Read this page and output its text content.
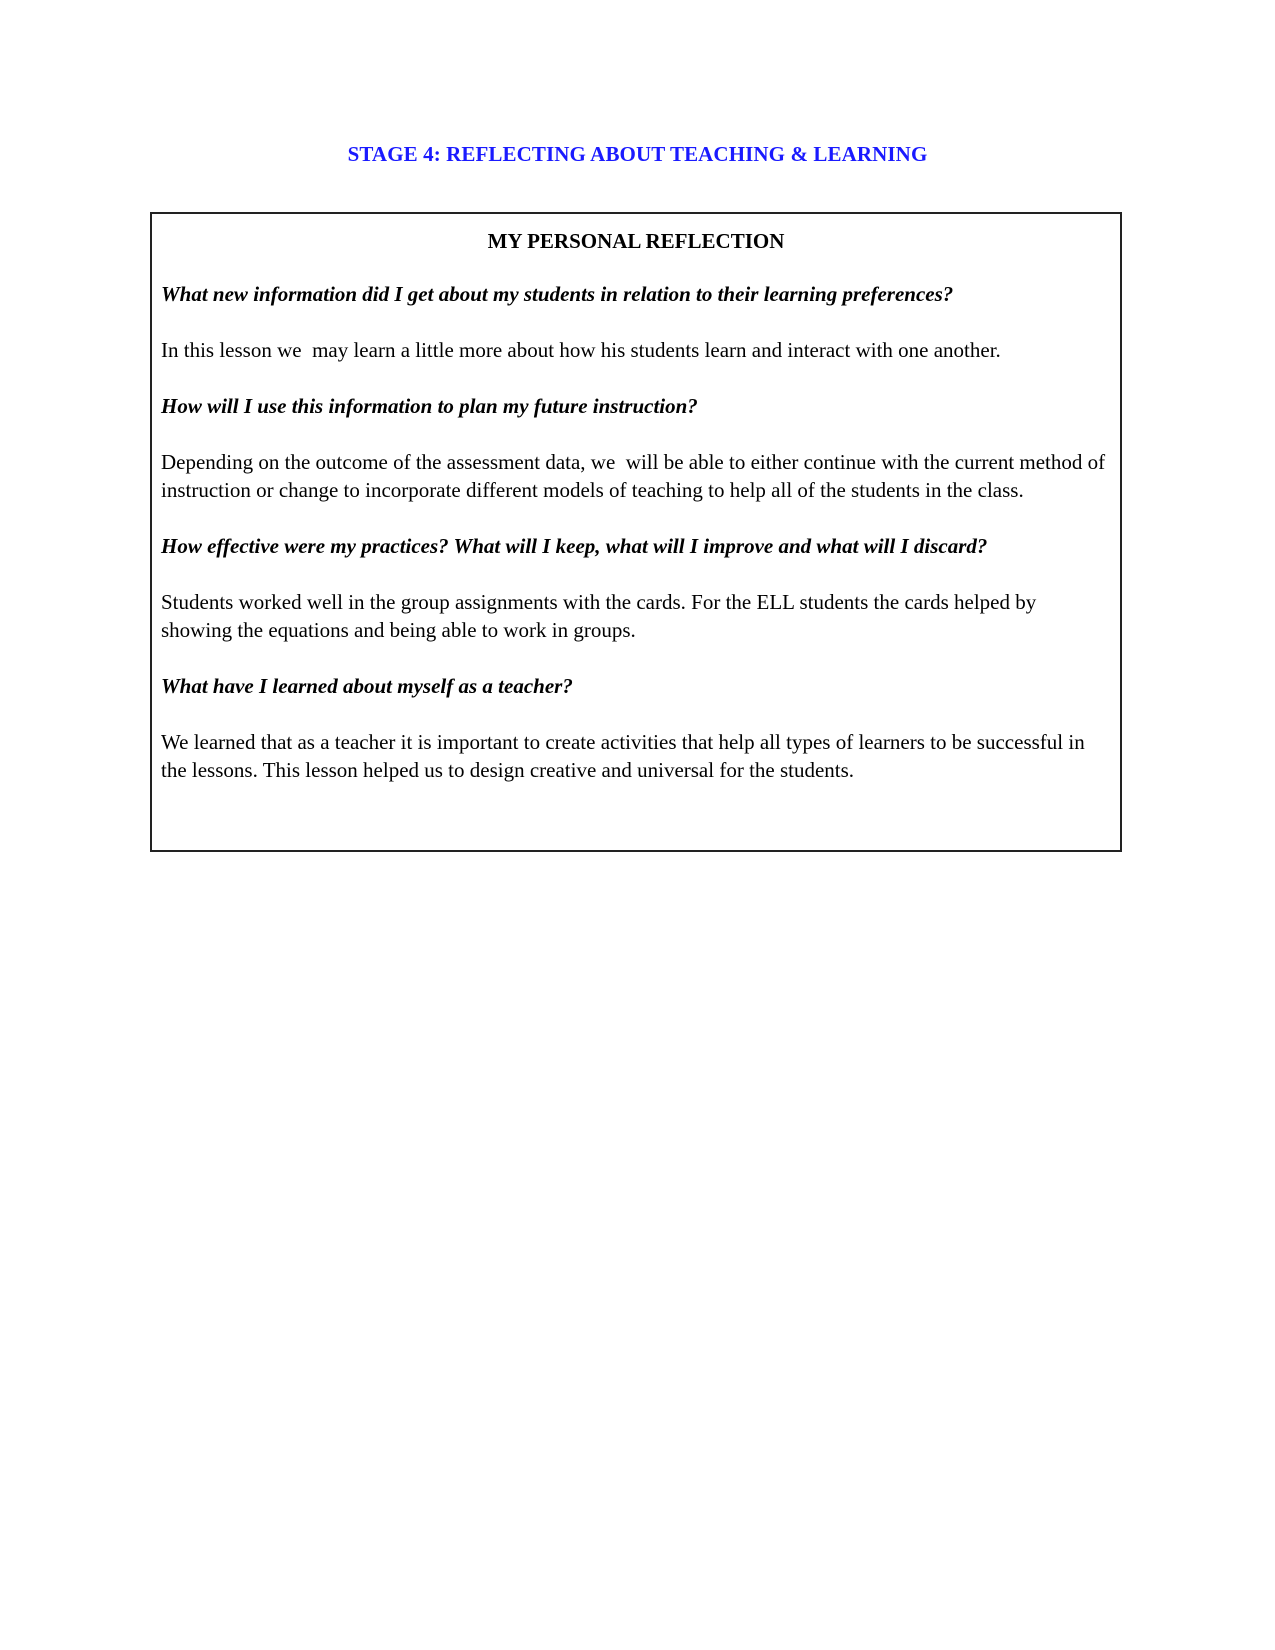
STAGE 4: REFLECTING ABOUT TEACHING & LEARNING
MY PERSONAL REFLECTION
What new information did I get about my students in relation to their learning preferences?
In this lesson we  may learn a little more about how his students learn and interact with one another.
How will I use this information to plan my future instruction?
Depending on the outcome of the assessment data, we  will be able to either continue with the current method of instruction or change to incorporate different models of teaching to help all of the students in the class.
How effective were my practices? What will I keep, what will I improve and what will I discard?
Students worked well in the group assignments with the cards. For the ELL students the cards helped by showing the equations and being able to work in groups.
What have I learned about myself as a teacher?
We learned that as a teacher it is important to create activities that help all types of learners to be successful in the lessons. This lesson helped us to design creative and universal for the students.
